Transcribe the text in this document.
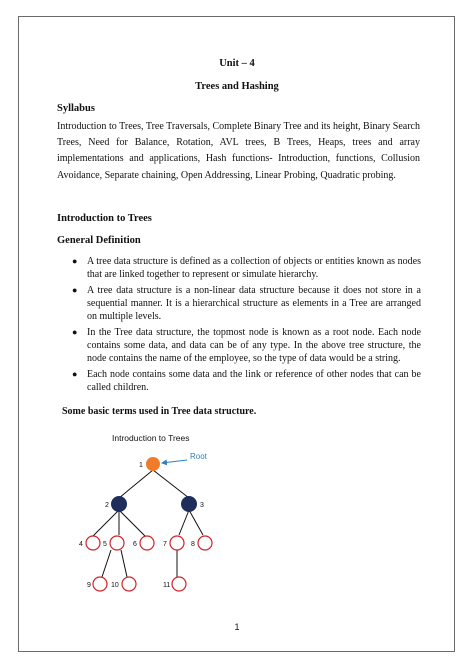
Unit – 4

Trees and Hashing

Syllabus

Introduction to Trees, Tree Traversals, Complete Binary Tree and its height, Binary Search Trees, Need for Balance, Rotation, AVL trees, B Trees, Heaps, trees and array implementations and applications, Hash functions- Introduction, functions, Collusion Avoidance, Separate chaining, Open Addressing, Linear Probing, Quadratic probing.

Introduction to Trees

General Definition

● A tree data structure is defined as a collection of objects or entities known as nodes that are linked together to represent or simulate hierarchy.
● A tree data structure is a non-linear data structure because it does not store in a sequential manner. It is a hierarchical structure as elements in a Tree are arranged on multiple levels.
● In the Tree data structure, the topmost node is known as a root node. Each node contains some data, and data can be of any type. In the above tree structure, the node contains the name of the employee, so the type of data would be a string.
● Each node contains some data and the link or reference of other nodes that can be called children.

Some basic terms used in Tree data structure.

Introduction to Trees
Root
1
2	3
4	5	6	7	8
9	10	11
1
